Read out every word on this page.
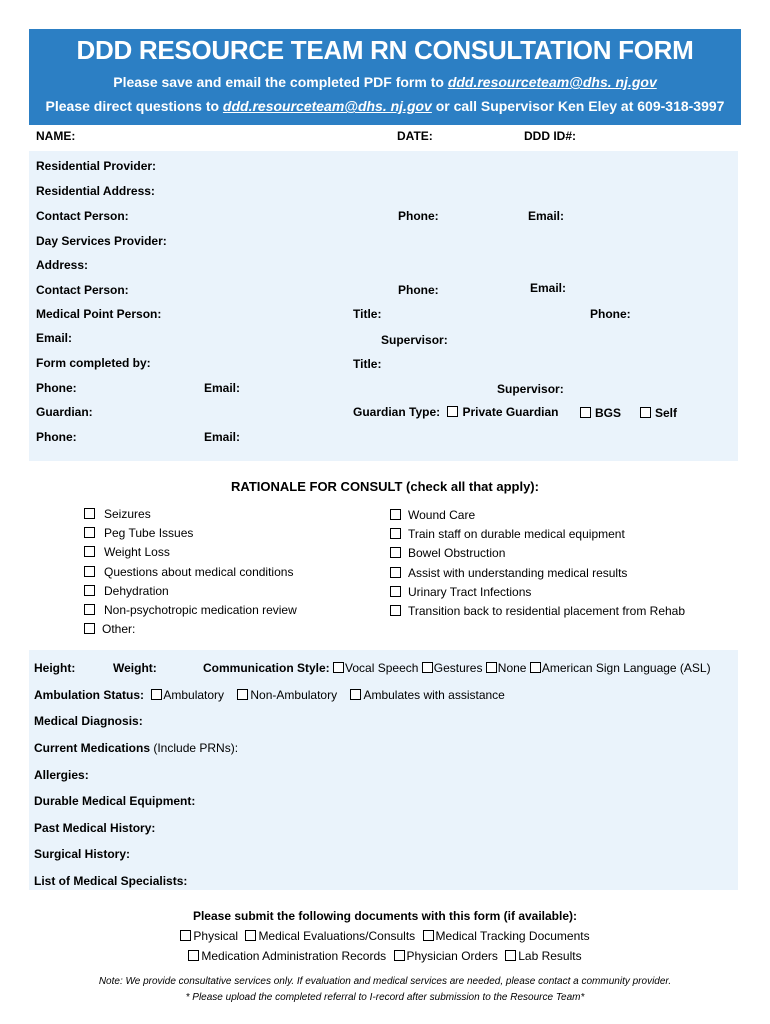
DDD RESOURCE TEAM RN CONSULTATION FORM
Please save and email the completed PDF form to ddd.resourceteam@dhs. nj.gov
Please direct questions to ddd.resourceteam@dhs. nj.gov or call Supervisor Ken Eley at 609-318-3997
NAME:	DATE:	DDD ID#:
Residential Provider:
Residential Address:
Contact Person:	Phone:	Email:
Day Services Provider:
Address:
Contact Person:	Phone:	Email:
Medical Point Person:	Title:	Phone:
Email:	Supervisor:
Form completed by:	Title:
Phone:	Email:	Supervisor:
Guardian:	Guardian Type: Private Guardian	BGS	Self
Phone:	Email:
RATIONALE FOR CONSULT (check all that apply):
Seizures
Peg Tube Issues
Weight Loss
Questions about medical conditions
Dehydration
Non-psychotropic medication review
Other:
Wound Care
Train staff on durable medical equipment
Bowel Obstruction
Assist with understanding medical results
Urinary Tract Infections
Transition back to residential placement from Rehab
Height:	Weight:	Communication Style: Vocal Speech Gestures None American Sign Language (ASL)
Ambulation Status: Ambulatory Non-Ambulatory Ambulates with assistance
Medical Diagnosis:
Current Medications (Include PRNs):
Allergies:
Durable Medical Equipment:
Past Medical History:
Surgical History:
List of Medical Specialists:
Please submit the following documents with this form (if available):
Physical Medical Evaluations/Consults Medical Tracking Documents
Medication Administration Records Physician Orders Lab Results
Note: We provide consultative services only. If evaluation and medical services are needed, please contact a community provider.
* Please upload the completed referral to I-record after submission to the Resource Team*
